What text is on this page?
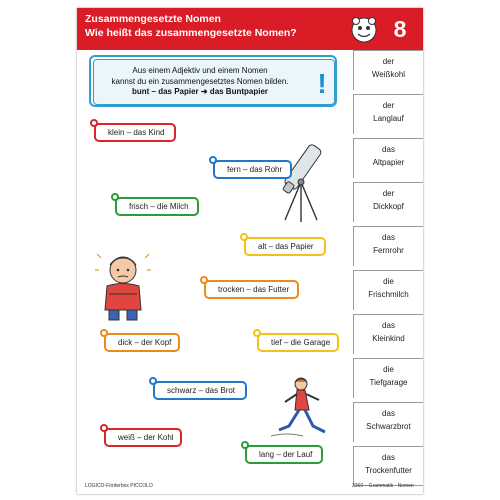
Zusammengesetzte Nomen
Wie heißt das zusammengesetzte Nomen?	8
Aus einem Adjektiv und einem Nomen
kannst du ein zusammengesetztes Nomen bilden.
bunt – das Papier ➜ das Buntpapier	!
klein – das Kind
fern – das Rohr
frisch – die Milch
alt – das Papier
trocken – das Futter
dick – der Kopf	tief – die Garage
schwarz – das Brot
weiß – der Kohl
lang – der Lauf
der
Weißkohl
der
Langlauf
das
Altpapier
der
Dickkopf
das
Fernrohr
die
Frischmilch
das
Kleinkind
die
Tiefgarage
das
Schwarzbrot
das
Trockenfutter
LOGICO-Förderbox PICCOLO	3360 – Grammatik - Nomen
